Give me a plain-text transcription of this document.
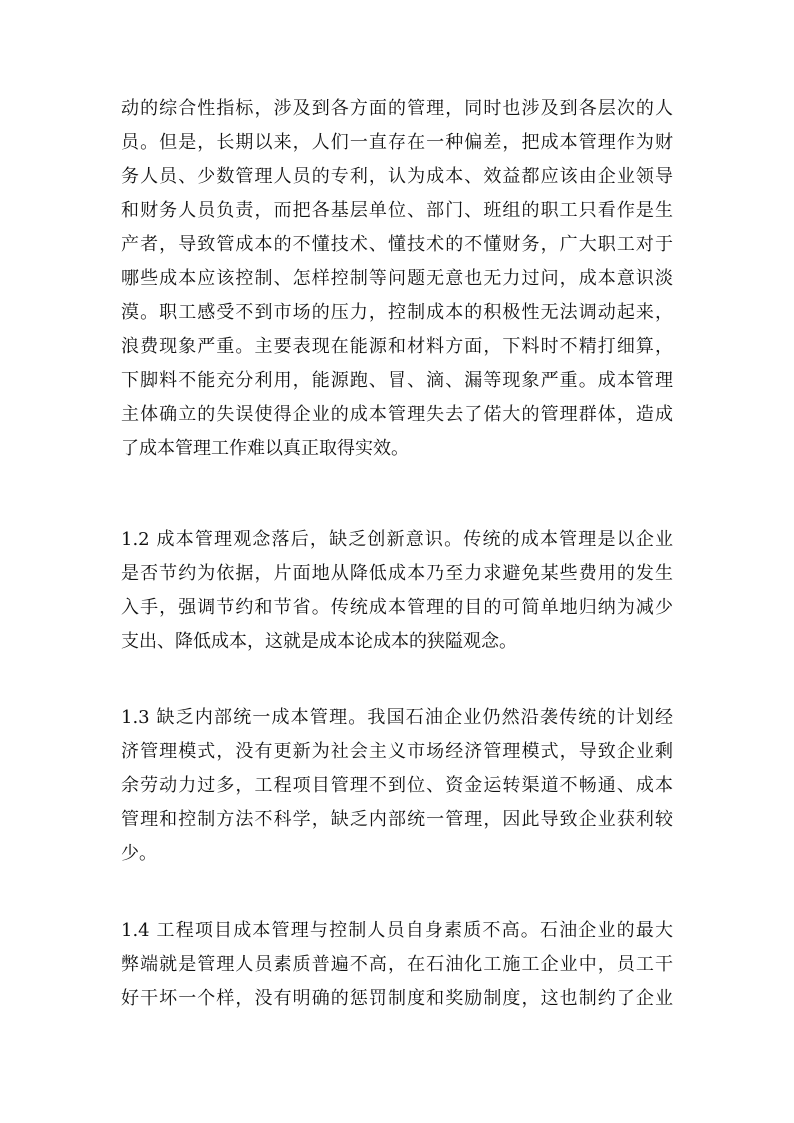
动的综合性指标，涉及到各方面的管理，同时也涉及到各层次的人
员。但是，长期以来，人们一直存在一种偏差，把成本管理作为财
务人员、少数管理人员的专利，认为成本、效益都应该由企业领导
和财务人员负责，而把各基层单位、部门、班组的职工只看作是生
产者，导致管成本的不懂技术、懂技术的不懂财务，广大职工对于
哪些成本应该控制、怎样控制等问题无意也无力过问，成本意识淡
漠。职工感受不到市场的压力，控制成本的积极性无法调动起来，
浪费现象严重。主要表现在能源和材料方面，下料时不精打细算，
下脚料不能充分利用，能源跑、冒、滴、漏等现象严重。成本管理
主体确立的失误使得企业的成本管理失去了偌大的管理群体，造成
了成本管理工作难以真正取得实效。
1.2 成本管理观念落后，缺乏创新意识。传统的成本管理是以企业
是否节约为依据，片面地从降低成本乃至力求避免某些费用的发生
入手，强调节约和节省。传统成本管理的目的可简单地归纳为减少
支出、降低成本，这就是成本论成本的狭隘观念。
1.3 缺乏内部统一成本管理。我国石油企业仍然沿袭传统的计划经
济管理模式，没有更新为社会主义市场经济管理模式，导致企业剩
余劳动力过多，工程项目管理不到位、资金运转渠道不畅通、成本
管理和控制方法不科学，缺乏内部统一管理，因此导致企业获利较
少。
1.4 工程项目成本管理与控制人员自身素质不高。石油企业的最大
弊端就是管理人员素质普遍不高，在石油化工施工企业中，员工干
好干坏一个样，没有明确的惩罚制度和奖励制度，这也制约了企业
